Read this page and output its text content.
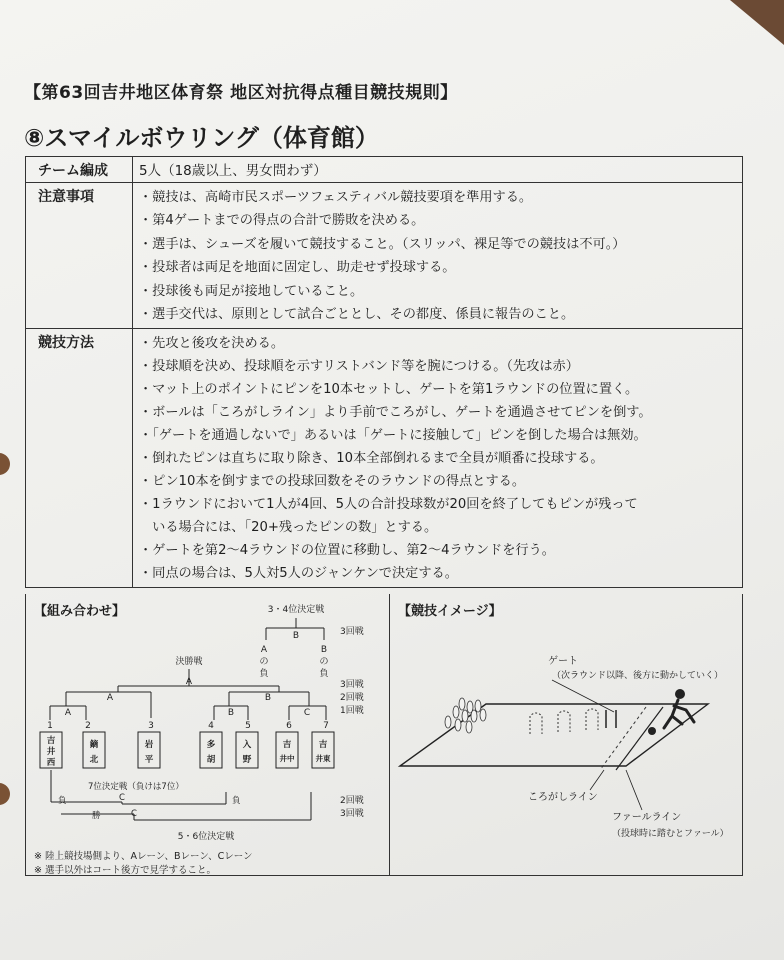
【第63回吉井地区体育祭 地区対抗得点種目競技規則】
⑧スマイルボウリング（体育館）
チーム編成	5人（18歳以上、男女問わず）
注意事項	・競技は、高崎市民スポーツフェスティバル競技要項を準用する。
・第4ゲートまでの得点の合計で勝敗を決める。
・選手は、シューズを履いて競技すること。（スリッパ、裸足等での競技は不可。）
・投球者は両足を地面に固定し、助走せず投球する。
・投球後も両足が接地していること。
・選手交代は、原則として試合ごととし、その都度、係員に報告のこと。
競技方法	・先攻と後攻を決める。
・投球順を決め、投球順を示すリストバンド等を腕につける。（先攻は赤）
・マット上のポイントにピンを10本セットし、ゲートを第1ラウンドの位置に置く。
・ボールは「ころがしライン」より手前でころがし、ゲートを通過させてピンを倒す。
・「ゲートを通過しないで」あるいは「ゲートに接触して」ピンを倒した場合は無効。
・倒れたピンは直ちに取り除き、10本全部倒れるまで全員が順番に投球する。
・ピン10本を倒すまでの投球回数をそのラウンドの得点とする。
・1ラウンドにおいて1人が4回、5人の合計投球数が20回を終了してもピンが残って
　いる場合には、「20+残ったピンの数」とする。
・ゲートを第2～4ラウンドの位置に移動し、第2～4ラウンドを行う。
・同点の場合は、5人対5人のジャンケンで決定する。
【組み合わせ】	3・4位決定戦
B
A
の
負
B
の
負
3回戦
決勝戦
A	3回戦
2回戦
1回戦
A	B
A	B	C
1	2	3	4	5	6	7
吉
井
西
鏑
北
岩
平
多
胡
入
野
吉
井中
吉
井東
7位決定戦（負けは7位）
負	負
C
勝	C
2回戦
3回戦
5・6位決定戦
※ 陸上競技場側より、Aレーン、Bレーン、Cレーン
※ 選手以外はコート後方で見学すること。
【競技イメージ】
ゲート
（次ラウンド以降、後方に動かしていく）
ころがしライン
ファールライン
（投球時に踏むとファール）
